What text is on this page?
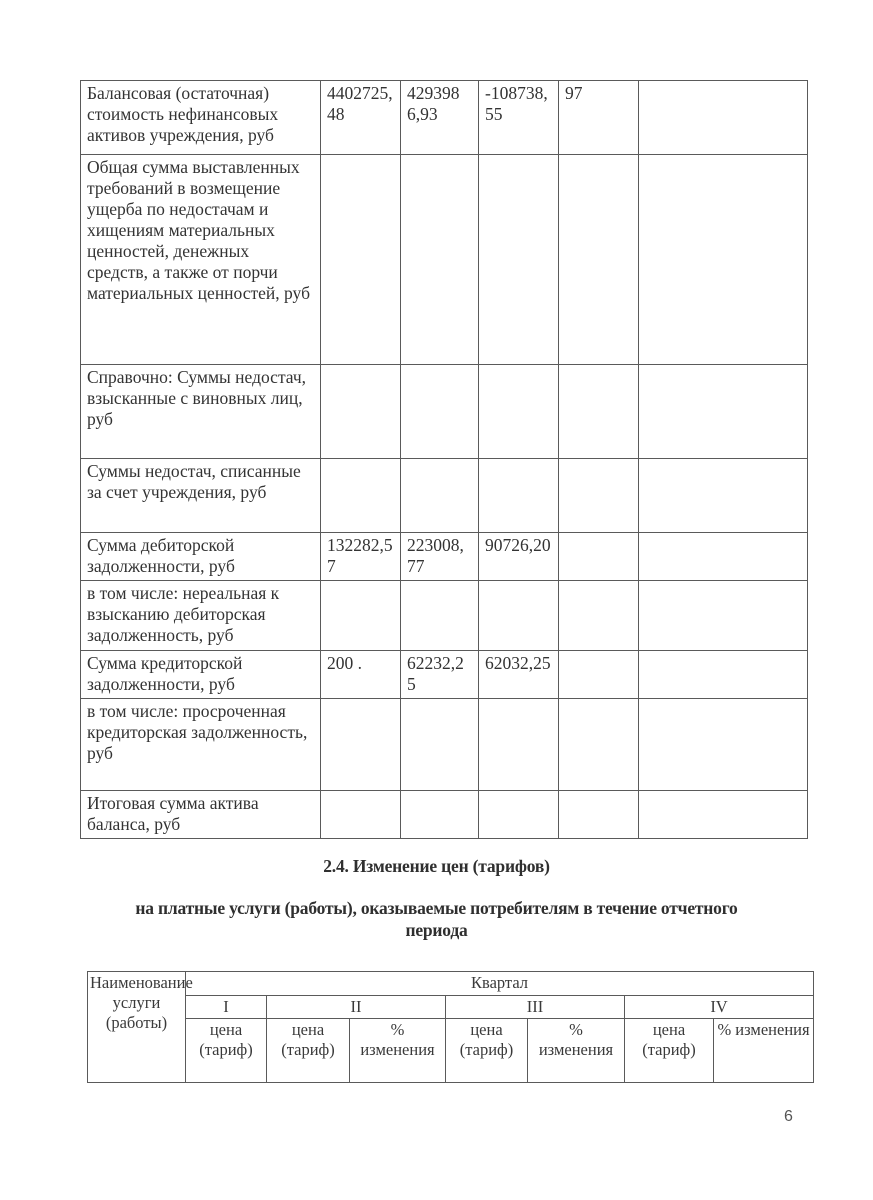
Балансовая (остаточная) стоимость нефинансовых активов учреждения, руб	4402725,48	4293986,93	-108738,55	97	
Общая сумма выставленных требований в возмещение ущерба по недостачам и хищениям материальных ценностей, денежных средств, а также от порчи материальных ценностей, руб					
Справочно: Суммы недостач, взысканные с виновных лиц, руб					
Суммы недостач, списанные за счет учреждения, руб					
Сумма дебиторской задолженности, руб	132282,57	223008,77	90726,20		
в том числе: нереальная к взысканию дебиторская задолженность, руб					
Сумма кредиторской задолженности, руб	200 .	62232,25	62032,25		
в том числе: просроченная кредиторская задолженность, руб					
Итоговая сумма актива баланса, руб					
2.4. Изменение цен (тарифов)
на платные услуги (работы), оказываемые потребителям в течение отчетного
периода
Наименование услуги (работы)	Квартал						
	I	II		III		IV	
	цена (тариф)	цена (тариф)	% изменения	цена (тариф)	% изменения	цена (тариф)	% изменения
6
